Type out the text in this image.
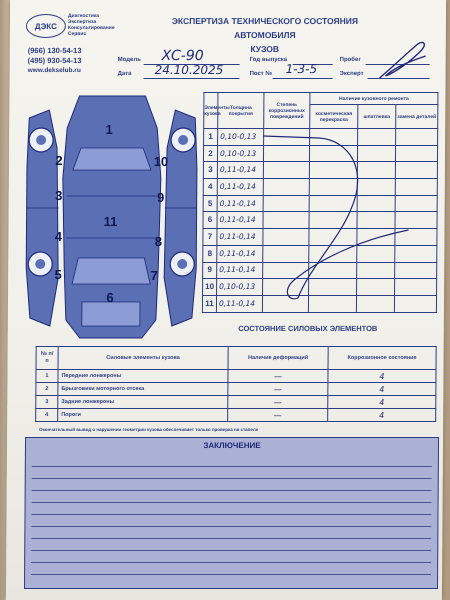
ДЭКС
Диагностика
Экспертиза
Консультирование
Сервис
(966) 130-54-13
(495) 930-54-13
www.dekselub.ru
ЭКСПЕРТИЗА ТЕХНИЧЕСКОГО СОСТОЯНИЯ АВТОМОБИЛЯ
КУЗОВ
Модель XC-90
Дата 24.10.2025
Год выпуска
Пост № 1-3-5
Пробег
Эксперт
1
2
3
4
5
6
7
8
9
10
11
Элементы кузова	Толщина покрытия	Степень коррозионных повреждений	Наличие кузовного ремонта		
			косметическая перекраска	шпатлевка	замена деталей
1	0,10-0,13				
2	0,10-0,13				
3	0,11-0,14				
4	0,11-0,14				
5	0,11-0,14				
6	0,11-0,14				
7	0,11-0,14				
8	0,11-0,14				
9	0,11-0,14				
10	0,10-0,13				
11	0,11-0,14				
СОСТОЯНИЕ СИЛОВЫХ ЭЛЕМЕНТОВ
№ п/п	Силовые элементы кузова	Наличие деформаций	Коррозионное состояние
1	Передние лонжероны	—	4
2	Брызговики моторного отсека	—	4
3	Задние лонжероны	—	4
4	Пороги	—	4
Окончательный вывод о нарушении геометрии кузова обеспечивает только проверка на стапеле
ЗАКЛЮЧЕНИЕ
